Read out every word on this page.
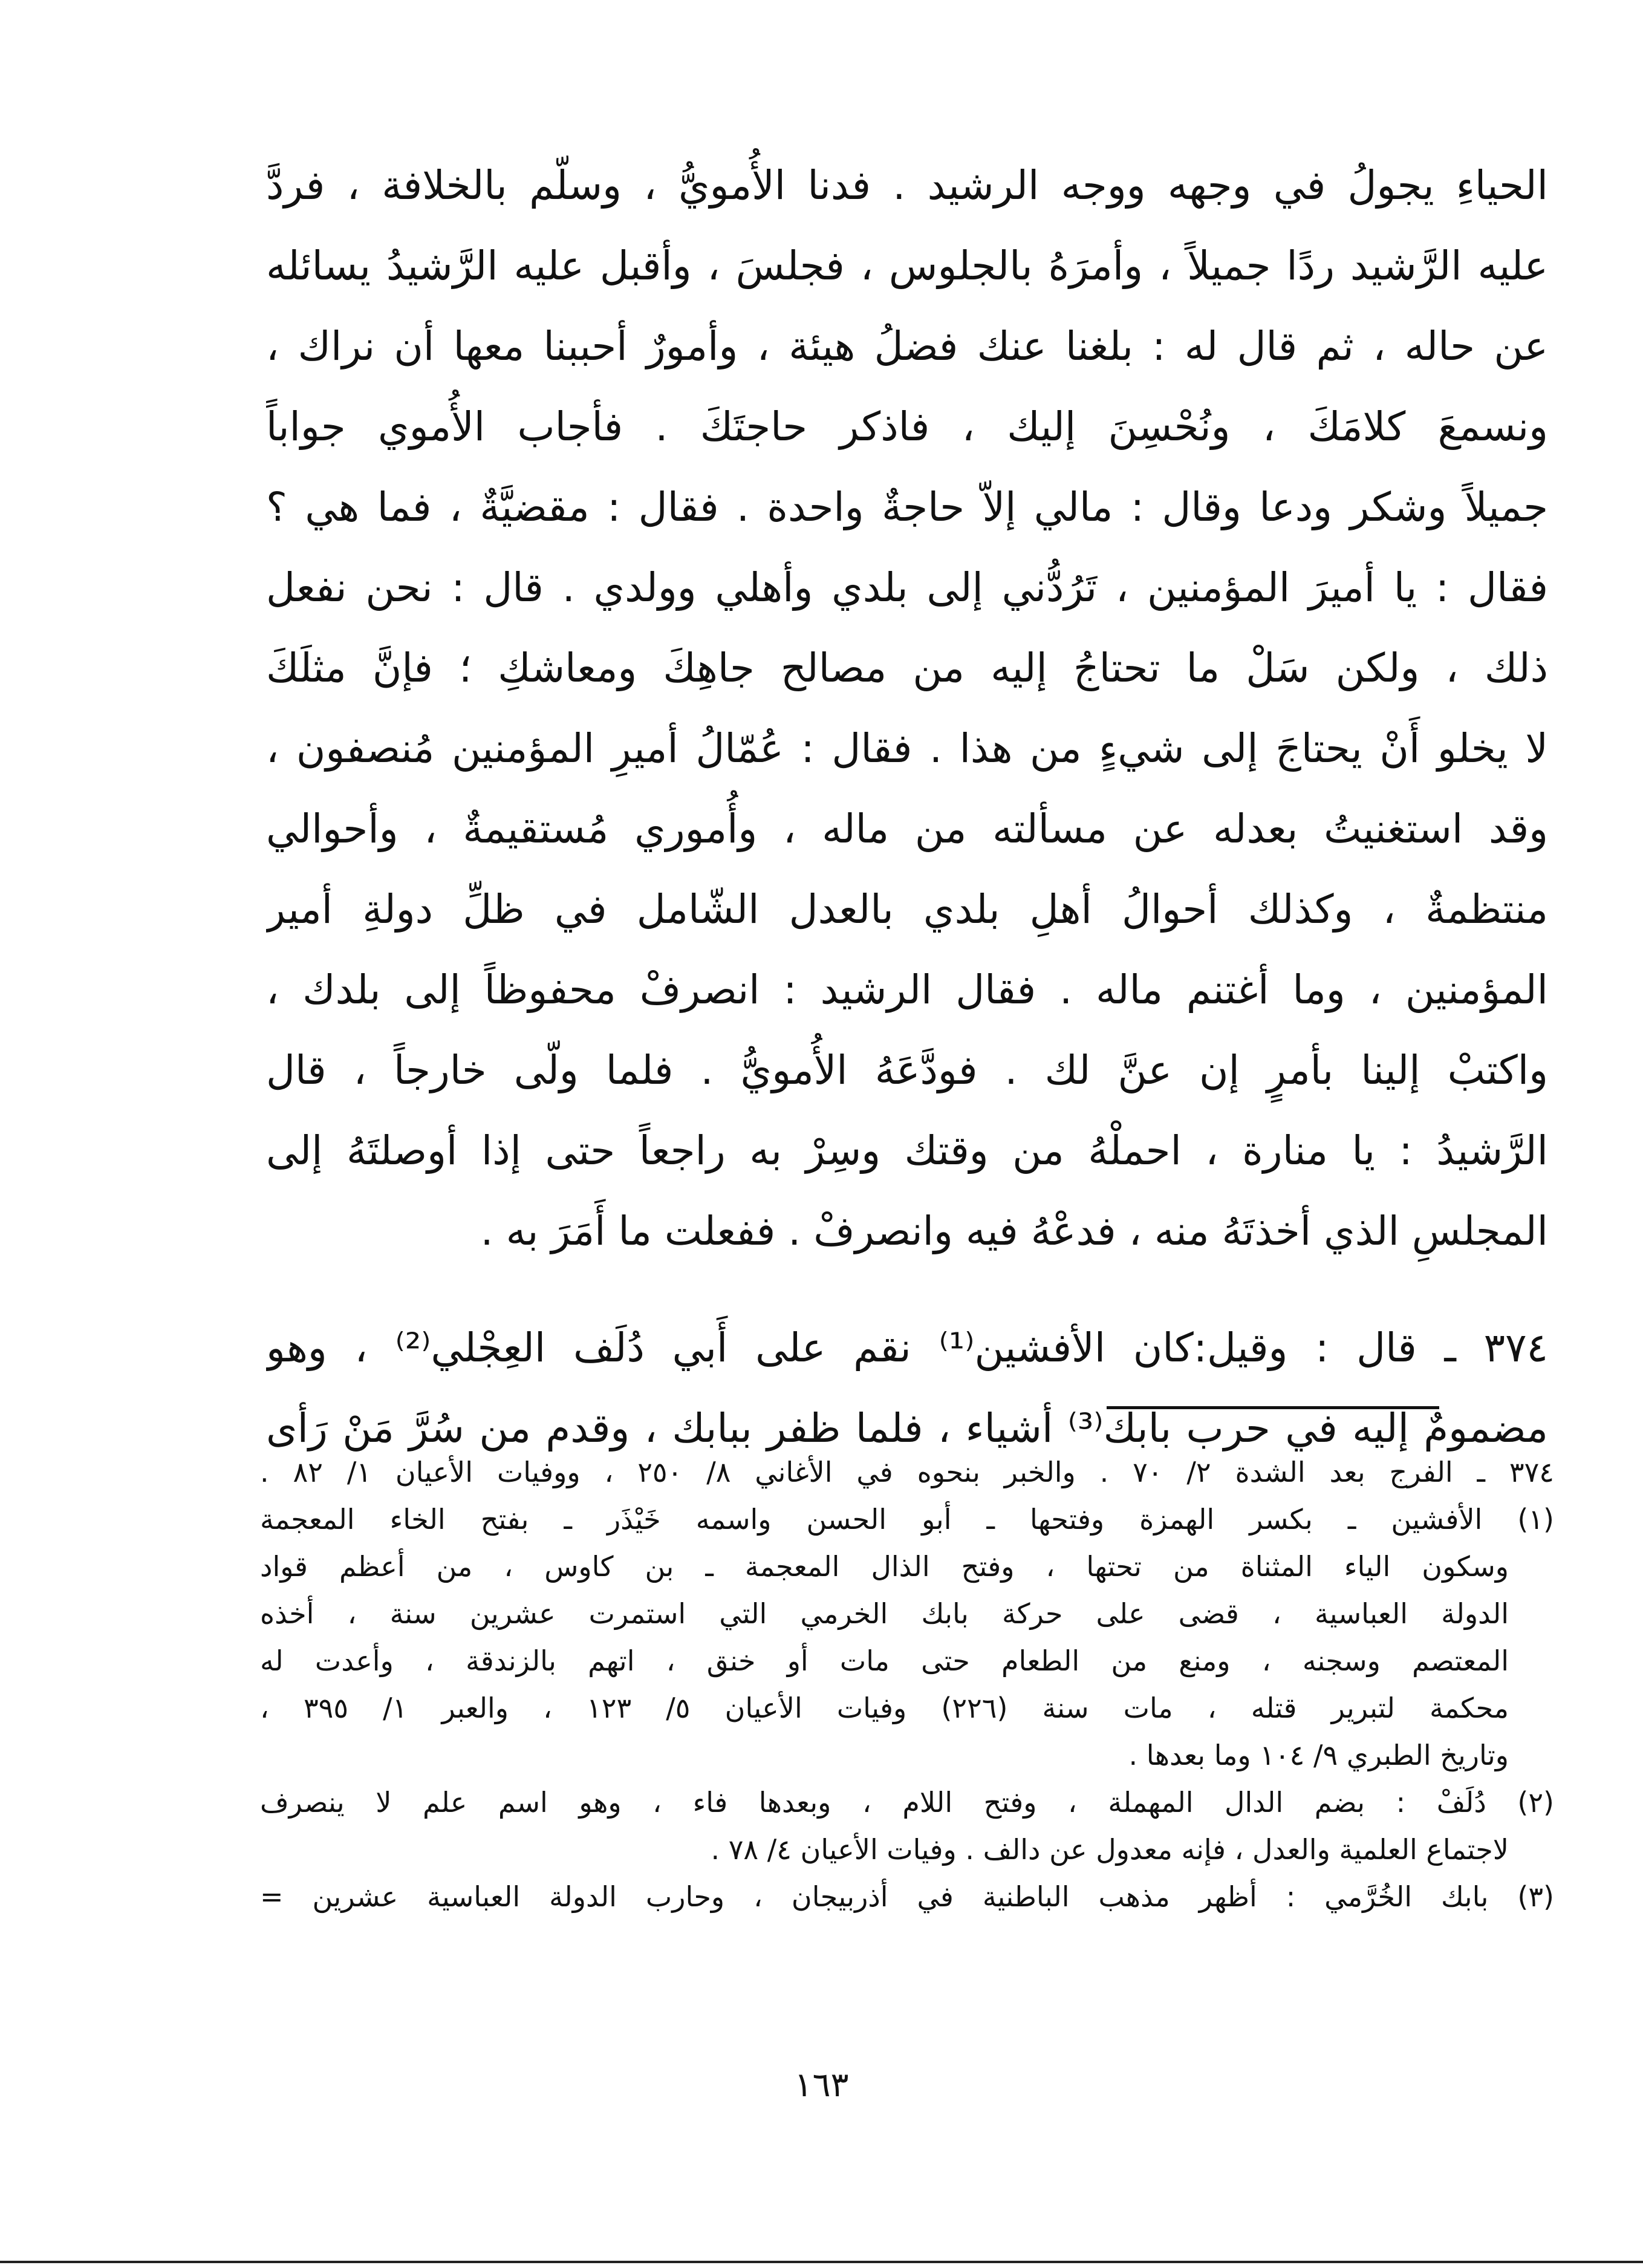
الحياءِ يجولُ في وجهه ووجه الرشيد . فدنا الأُمويُّ ، وسلّم بالخلافة ، فردَّ
عليه الرَّشيد ردًا جميلاً ، وأمرَهُ بالجلوس ، فجلسَ ، وأقبل عليه الرَّشيدُ يسائله
عن حاله ، ثم قال له : بلغنا عنك فضلُ هيئة ، وأمورٌ أحببنا معها أن نراك ،
ونسمعَ كلامَكَ ، ونُحْسِنَ إليك ، فاذكر حاجتَكَ . فأجاب الأُموي جواباً
جميلاً وشكر ودعا وقال : مالي إلاّ حاجةٌ واحدة . فقال : مقضيَّةٌ ، فما هي ؟
فقال : يا أميرَ المؤمنين ، تَرُدُّني إلى بلدي وأهلي وولدي . قال : نحن نفعل
ذلك ، ولكن سَلْ ما تحتاجُ إليه من مصالح جاهِكَ ومعاشكِ ؛ فإنَّ مثلَكَ
لا يخلو أَنْ يحتاجَ إلى شيءٍ من هذا . فقال : عُمّالُ أميرِ المؤمنين مُنصفون ،
وقد استغنيتُ بعدله عن مسألته من ماله ، وأُموري مُستقيمةٌ ، وأحوالي
منتظمةٌ ، وكذلك أحوالُ أهلِ بلدي بالعدل الشّامل في ظلِّ دولةِ أمير
المؤمنين ، وما أغتنم ماله . فقال الرشيد : انصرفْ محفوظاً إلى بلدك ،
واكتبْ إلينا بأمرٍ إن عنَّ لك . فودَّعَهُ الأُمويُّ . فلما ولّى خارجاً ، قال
الرَّشيدُ : يا منارة ، احملْهُ من وقتك وسِرْ به راجعاً حتى إذا أوصلتَهُ إلى
المجلسِ الذي أخذتَهُ منه ، فدعْهُ فيه وانصرفْ . ففعلت ما أَمَرَ به .
٣٧٤ ـ قال : وقيل:كان الأفشين⁽¹⁾ نقم على أَبي دُلَف العِجْلي⁽²⁾ ، وهو
مضمومٌ إليه في حرب بابك⁽³⁾ أشياء ، فلما ظفر ببابك ، وقدم من سُرَّ مَنْ رَأى
٣٧٤ ـ الفرج بعد الشدة ٢/ ٧٠ . والخبر بنحوه في الأغاني ٨/ ٢٥٠ ، ووفيات الأعيان ١/ ٨٢ .
(١) الأفشين ـ بكسر الهمزة وفتحها ـ أبو الحسن واسمه خَيْذَر ـ بفتح الخاء المعجمة
وسكون الياء المثناة من تحتها ، وفتح الذال المعجمة ـ بن كاوس ، من أعظم قواد
الدولة العباسية ، قضى على حركة بابك الخرمي التي استمرت عشرين سنة ، أخذه
المعتصم وسجنه ، ومنع من الطعام حتى مات أو خنق ، اتهم بالزندقة ، وأعدت له
محكمة لتبرير قتله ، مات سنة (٢٢٦) وفيات الأعيان ٥/ ١٢٣ ، والعبر ١/ ٣٩٥ ،
وتاريخ الطبري ٩/ ١٠٤ وما بعدها .
(٢) دُلَفْ : بضم الدال المهملة ، وفتح اللام ، وبعدها فاء ، وهو اسم علم لا ينصرف
لاجتماع العلمية والعدل ، فإنه معدول عن دالف . وفيات الأعيان ٤/ ٧٨ .
(٣) بابك الخُرَّمي : أظهر مذهب الباطنية في أذربيجان ، وحارب الدولة العباسية عشرين =
١٦٣
